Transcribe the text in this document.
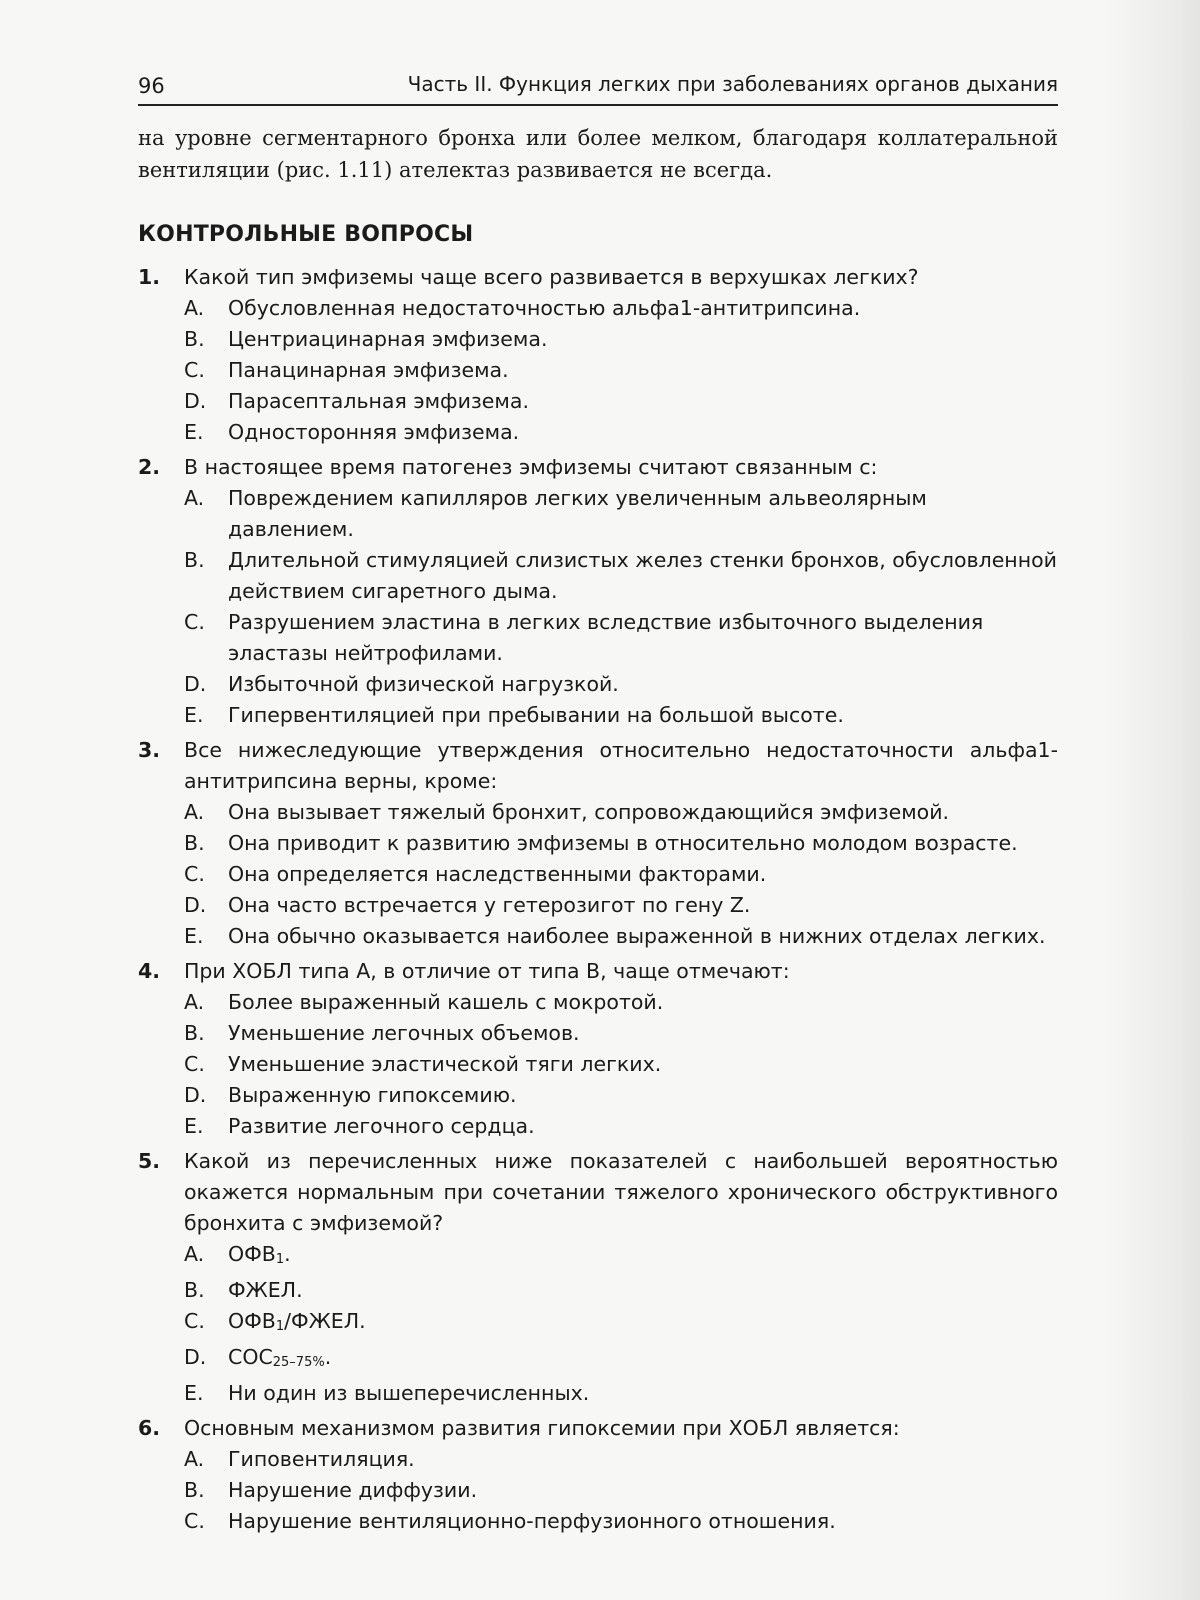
96	Часть II. Функция легких при заболеваниях органов дыхания
на уровне сегментарного бронха или более мелком, благодаря коллатеральной вентиляции (рис. 1.11) ателектаз развивается не всегда.
КОНТРОЛЬНЫЕ ВОПРОСЫ
1.	Какой тип эмфиземы чаще всего развивается в верхушках легких?
A.	Обусловленная недостаточностью альфа1-антитрипсина.
B.	Центриацинарная эмфизема.
C.	Панацинарная эмфизема.
D.	Парасептальная эмфизема.
E.	Односторонняя эмфизема.
2.	В настоящее время патогенез эмфиземы считают связанным с:
A.	Повреждением капилляров легких увеличенным альвеолярным давлением.
B.	Длительной стимуляцией слизистых желез стенки бронхов, обусловленной действием сигаретного дыма.
C.	Разрушением эластина в легких вследствие избыточного выделения эластазы нейтрофилами.
D.	Избыточной физической нагрузкой.
E.	Гипервентиляцией при пребывании на большой высоте.
3.	Все нижеследующие утверждения относительно недостаточности альфа1-антитрипсина верны, кроме:
A.	Она вызывает тяжелый бронхит, сопровождающийся эмфиземой.
B.	Она приводит к развитию эмфиземы в относительно молодом возрасте.
C.	Она определяется наследственными факторами.
D.	Она часто встречается у гетерозигот по гену Z.
E.	Она обычно оказывается наиболее выраженной в нижних отделах легких.
4.	При ХОБЛ типа А, в отличие от типа В, чаще отмечают:
A.	Более выраженный кашель с мокротой.
B.	Уменьшение легочных объемов.
C.	Уменьшение эластической тяги легких.
D.	Выраженную гипоксемию.
E.	Развитие легочного сердца.
5.	Какой из перечисленных ниже показателей с наибольшей вероятностью окажется нормальным при сочетании тяжелого хронического обструктивного бронхита с эмфиземой?
A.	ОФВ1.
B.	ФЖЕЛ.
C.	ОФВ1/ФЖЕЛ.
D.	СОС25–75%.
E.	Ни один из вышеперечисленных.
6.	Основным механизмом развития гипоксемии при ХОБЛ является:
A.	Гиповентиляция.
B.	Нарушение диффузии.
C.	Нарушение вентиляционно-перфузионного отношения.
